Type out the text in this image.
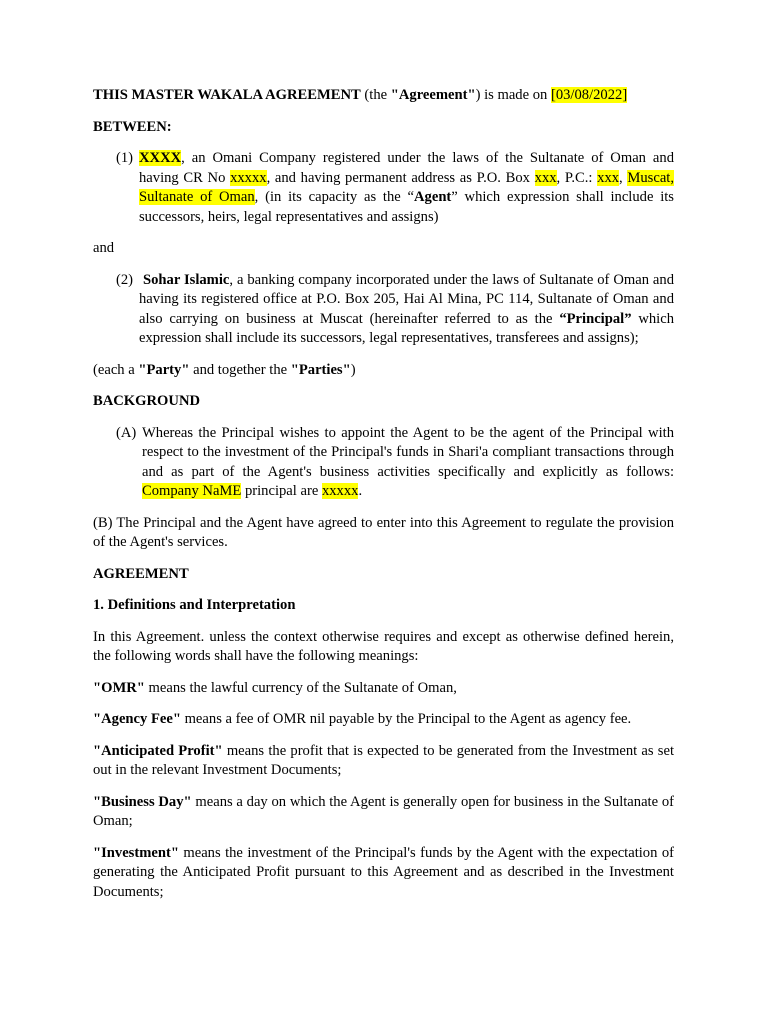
THIS MASTER WAKALA AGREEMENT (the "Agreement") is made on [03/08/2022]

BETWEEN:

(1) XXXX, an Omani Company registered under the laws of the Sultanate of Oman and having CR No xxxxx, and having permanent address as P.O. Box xxx, P.C.: xxx, Muscat, Sultanate of Oman, (in its capacity as the “Agent” which expression shall include its successors, heirs, legal representatives and assigns)

and

(2) Sohar Islamic, a banking company incorporated under the laws of Sultanate of Oman and having its registered office at P.O. Box 205, Hai Al Mina, PC 114, Sultanate of Oman and also carrying on business at Muscat (hereinafter referred to as the “Principal” which expression shall include its successors, legal representatives, transferees and assigns);

(each a "Party" and together the "Parties")

BACKGROUND

(A) Whereas the Principal wishes to appoint the Agent to be the agent of the Principal with respect to the investment of the Principal's funds in Shari'a compliant transactions through and as part of the Agent's business activities specifically and explicitly as follows: Company NaME principal are xxxxx.

(B) The Principal and the Agent have agreed to enter into this Agreement to regulate the provision of the Agent's services.

AGREEMENT

1. Definitions and Interpretation

In this Agreement. unless the context otherwise requires and except as otherwise defined herein, the following words shall have the following meanings:

"OMR" means the lawful currency of the Sultanate of Oman,

"Agency Fee" means a fee of OMR nil payable by the Principal to the Agent as agency fee.

"Anticipated Profit" means the profit that is expected to be generated from the Investment as set out in the relevant Investment Documents;

"Business Day" means a day on which the Agent is generally open for business in the Sultanate of Oman;

"Investment" means the investment of the Principal's funds by the Agent with the expectation of generating the Anticipated Profit pursuant to this Agreement and as described in the Investment Documents;
